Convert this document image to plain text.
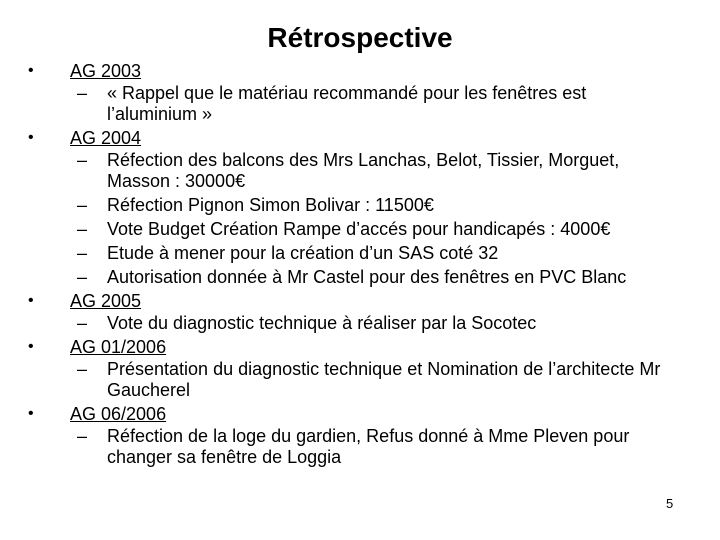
Rétrospective
• AG 2003
– « Rappel que le matériau recommandé pour les fenêtres est l’aluminium »
• AG 2004
– Réfection des balcons des Mrs Lanchas, Belot, Tissier, Morguet, Masson : 30000€
– Réfection Pignon Simon Bolivar : 11500€
– Vote Budget Création Rampe d’accés pour handicapés : 4000€
– Etude à mener pour la création d’un SAS coté 32
– Autorisation donnée à Mr Castel pour des fenêtres en PVC Blanc
• AG 2005
– Vote du diagnostic technique à réaliser par la Socotec
• AG 01/2006
– Présentation du diagnostic technique et Nomination de l’architecte Mr Gaucherel
• AG 06/2006
– Réfection de la loge du gardien, Refus donné à Mme Pleven pour changer sa fenêtre de Loggia
5
